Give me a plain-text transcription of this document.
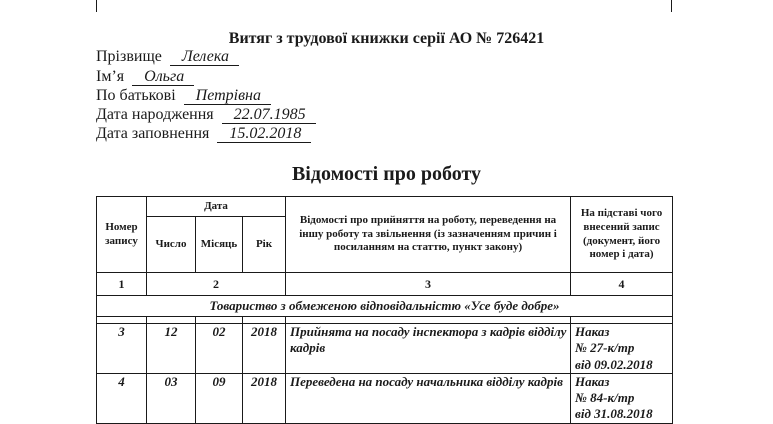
Витяг з трудової книжки серії АО № 726421
Прізвище Лелека
Ім’я Ольга
По батькові Петрівна
Дата народження 22.07.1985
Дата заповнення 15.02.2018
Відомості про роботу
Номер запису	Дата			Відомості про прийняття на роботу, переведення на іншу роботу та звільнення (із зазначенням причин і посиланням на статтю, пункт закону)	На підставі чого внесений запис (документ, його номер і дата)
	Число	Місяць	Рік		
1	2			3	4
Товариство з обмеженою відповідальністю «Усе буде добре»					

3	12	02	2018	Прийнята на посаду інспектора з кадрів відділу кадрів	Наказ
№ 27-к/тр
від 09.02.2018

4	03	09	2018	Переведена на посаду начальника відділу кадрів	Наказ
№ 84-к/тр
від 31.08.2018
